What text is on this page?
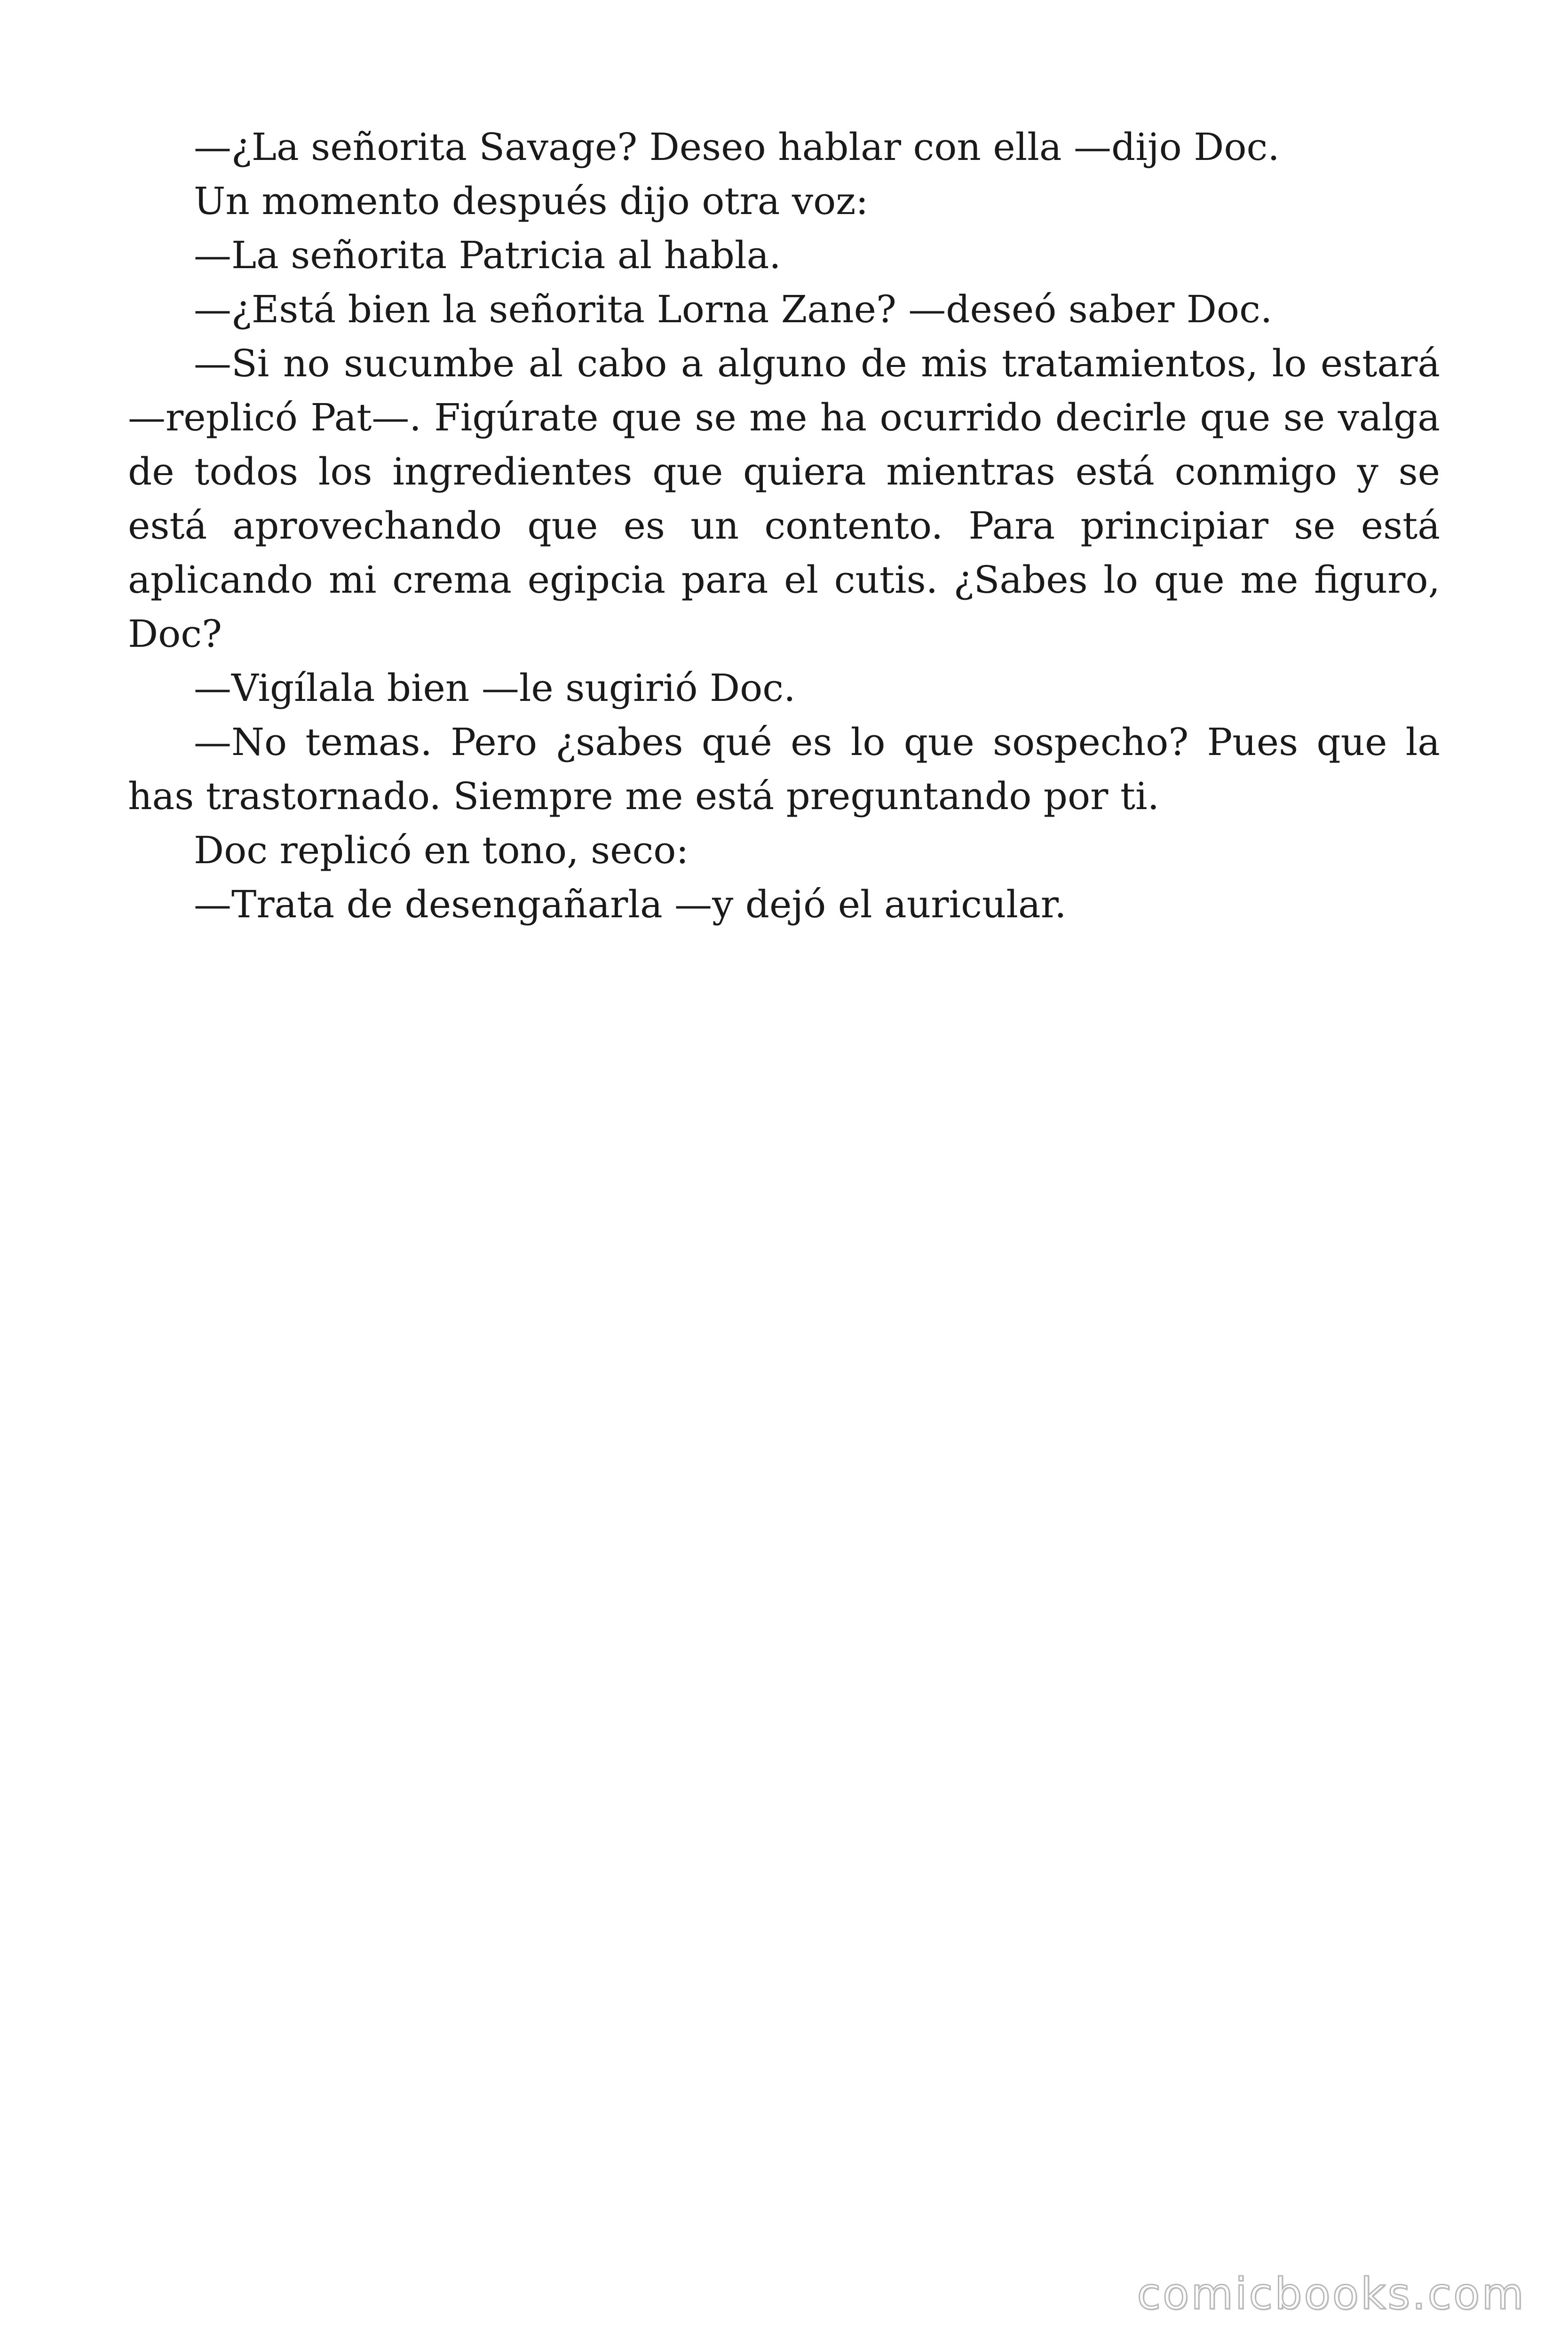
—¿La señorita Savage? Deseo hablar con ella —dijo Doc.

Un momento después dijo otra voz:

—La señorita Patricia al habla.

—¿Está bien la señorita Lorna Zane? —deseó saber Doc.

—Si no sucumbe al cabo a alguno de mis tratamientos, lo estará —replicó Pat—. Figúrate que se me ha ocurrido decirle que se valga de todos los ingredientes que quiera mientras está conmigo y se está aprovechando que es un contento. Para principiar se está aplicando mi crema egipcia para el cutis. ¿Sabes lo que me figuro, Doc?

—Vigílala bien —le sugirió Doc.

—No temas. Pero ¿sabes qué es lo que sospecho? Pues que la has trastornado. Siempre me está preguntando por ti.

Doc replicó en tono, seco:

—Trata de desengañarla —y dejó el auricular.

comicbooks.com
